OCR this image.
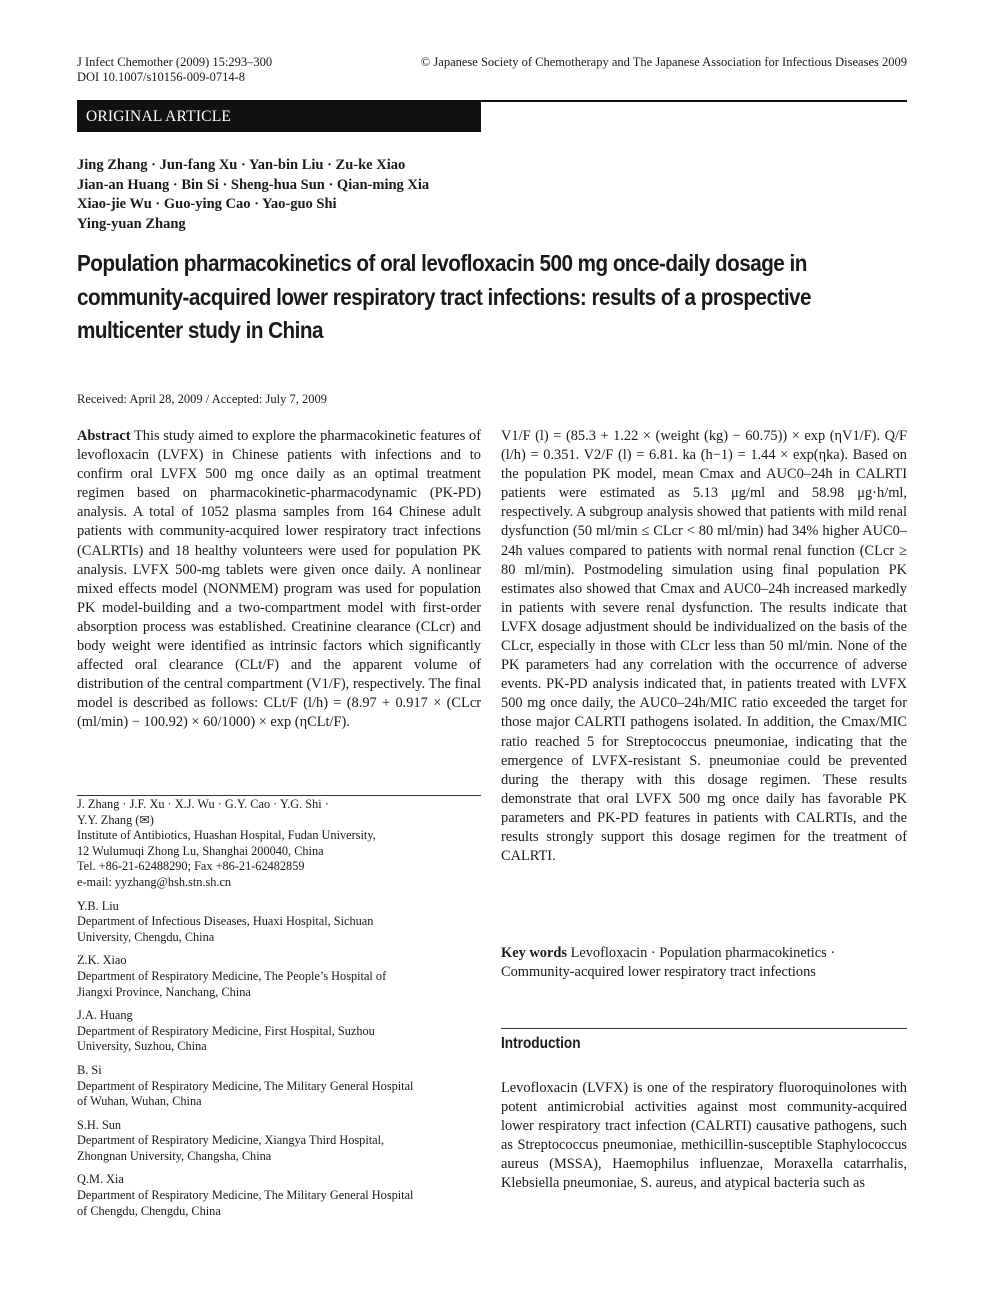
J Infect Chemother (2009) 15:293–300
DOI 10.1007/s10156-009-0714-8
© Japanese Society of Chemotherapy and The Japanese Association for Infectious Diseases 2009
ORIGINAL ARTICLE
Jing Zhang · Jun-fang Xu · Yan-bin Liu · Zu-ke Xiao
Jian-an Huang · Bin Si · Sheng-hua Sun · Qian-ming Xia
Xiao-jie Wu · Guo-ying Cao · Yao-guo Shi
Ying-yuan Zhang
Population pharmacokinetics of oral levofloxacin 500 mg once-daily dosage in community-acquired lower respiratory tract infections: results of a prospective multicenter study in China
Received: April 28, 2009 / Accepted: July 7, 2009

Abstract This study aimed to explore the pharmacokinetic features of levofloxacin (LVFX) in Chinese patients with infections and to confirm oral LVFX 500 mg once daily as an optimal treatment regimen based on pharmacokinetic-pharmacodynamic (PK-PD) analysis. A total of 1052 plasma samples from 164 Chinese adult patients with community-acquired lower respiratory tract infections (CALRTIs) and 18 healthy volunteers were used for population PK analysis. LVFX 500-mg tablets were given once daily. A nonlinear mixed effects model (NONMEM) program was used for population PK model-building and a two-compartment model with first-order absorption process was established. Creatinine clearance (CLcr) and body weight were identified as intrinsic factors which significantly affected oral clearance (CLt/F) and the apparent volume of distribution of the central compartment (V1/F), respectively. The final model is described as follows: CLt/F (l/h) = (8.97 + 0.917 × (CLcr (ml/min) − 100.92) × 60/1000) × exp (ηCLt/F).

J. Zhang · J.F. Xu · X.J. Wu · G.Y. Cao · Y.G. Shi ·
Y.Y. Zhang (✉)
Institute of Antibiotics, Huashan Hospital, Fudan University,
12 Wulumuqi Zhong Lu, Shanghai 200040, China
Tel. +86-21-62488290; Fax +86-21-62482859
e-mail: yyzhang@hsh.stn.sh.cn
Y.B. Liu
Department of Infectious Diseases, Huaxi Hospital, Sichuan
University, Chengdu, China
Z.K. Xiao
Department of Respiratory Medicine, The People’s Hospital of
Jiangxi Province, Nanchang, China
J.A. Huang
Department of Respiratory Medicine, First Hospital, Suzhou
University, Suzhou, China
B. Si
Department of Respiratory Medicine, The Military General Hospital
of Wuhan, Wuhan, China
S.H. Sun
Department of Respiratory Medicine, Xiangya Third Hospital,
Zhongnan University, Changsha, China
Q.M. Xia
Department of Respiratory Medicine, The Military General Hospital
of Chengdu, Chengdu, China

V1/F (l) = (85.3 + 1.22 × (weight (kg) − 60.75)) × exp (ηV1/F). Q/F (l/h) = 0.351. V2/F (l) = 6.81. ka (h−1) = 1.44 × exp(ηka). Based on the population PK model, mean Cmax and AUC0–24h in CALRTI patients were estimated as 5.13 μg/ml and 58.98 μg·h/ml, respectively. A subgroup analysis showed that patients with mild renal dysfunction (50 ml/min ≤ CLcr < 80 ml/min) had 34% higher AUC0–24h values compared to patients with normal renal function (CLcr ≥ 80 ml/min). Postmodeling simulation using final population PK estimates also showed that Cmax and AUC0–24h increased markedly in patients with severe renal dysfunction. The results indicate that LVFX dosage adjustment should be individualized on the basis of the CLcr, especially in those with CLcr less than 50 ml/min. None of the PK parameters had any correlation with the occurrence of adverse events. PK-PD analysis indicated that, in patients treated with LVFX 500 mg once daily, the AUC0–24h/MIC ratio exceeded the target for those major CALRTI pathogens isolated. In addition, the Cmax/MIC ratio reached 5 for Streptococcus pneumoniae, indicating that the emergence of LVFX-resistant S. pneumoniae could be prevented during the therapy with this dosage regimen. These results demonstrate that oral LVFX 500 mg once daily has favorable PK parameters and PK-PD features in patients with CALRTIs, and the results strongly support this dosage regimen for the treatment of CALRTI.

Key words Levofloxacin · Population pharmacokinetics · Community-acquired lower respiratory tract infections
Introduction
Levofloxacin (LVFX) is one of the respiratory fluoroquinolones with potent antimicrobial activities against most community-acquired lower respiratory tract infection (CALRTI) causative pathogens, such as Streptococcus pneumoniae, methicillin-susceptible Staphylococcus aureus (MSSA), Haemophilus influenzae, Moraxella catarrhalis, Klebsiella pneumoniae, S. aureus, and atypical bacteria such as
